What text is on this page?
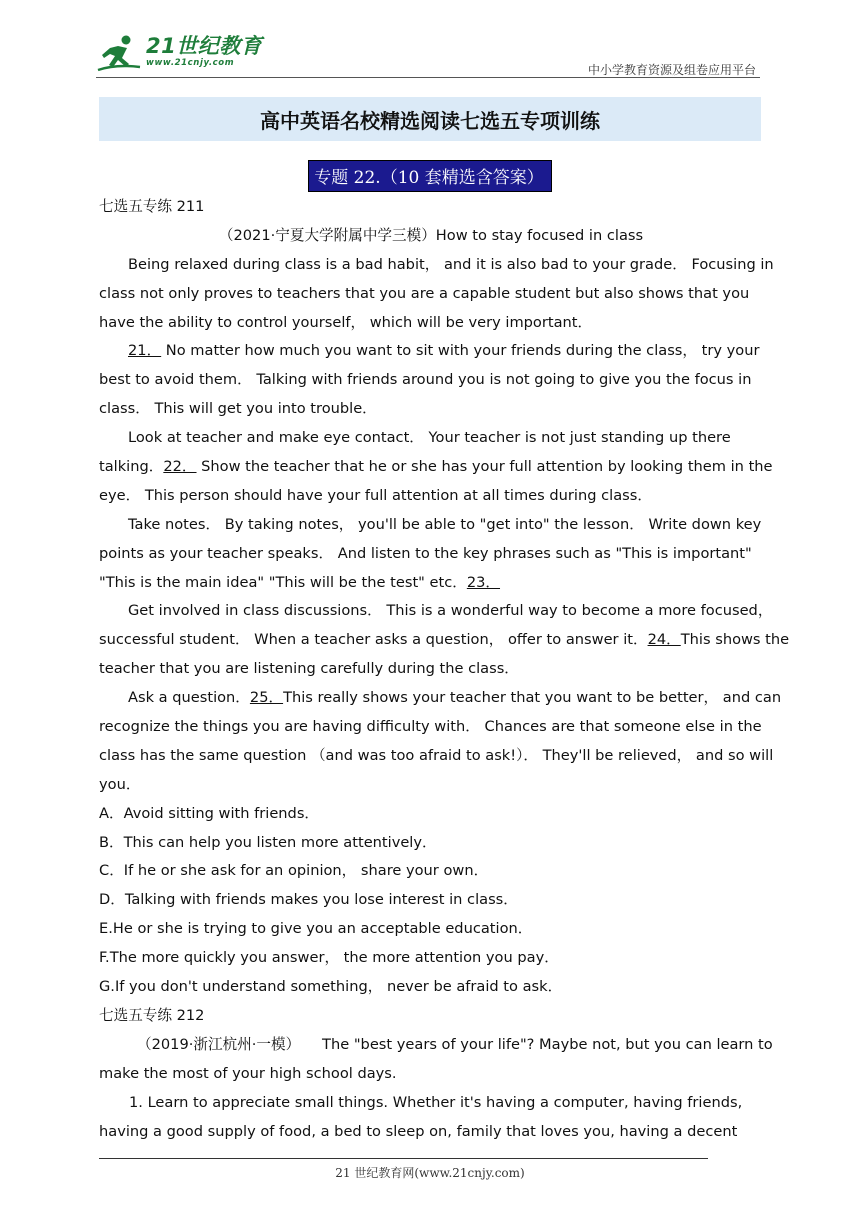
21世纪教育
www.21cnjy.com	中小学教育资源及组卷应用平台
高中英语名校精选阅读七选五专项训练
专题 22.（10 套精选含答案）
七选五专练 211
（2021·宁夏大学附属中学三模）How to stay focused in class
Being relaxed during class is a bad habit， and it is also bad to your grade． Focusing in
class not only proves to teachers that you are a capable student but also shows that you
have the ability to control yourself， which will be very important．
21． No matter how much you want to sit with your friends during the class， try your
best to avoid them． Talking with friends around you is not going to give you the focus in
class． This will get you into trouble．
Look at teacher and make eye contact． Your teacher is not just standing up there
talking．22． Show the teacher that he or she has your full attention by looking them in the
eye． This person should have your full attention at all times during class．
Take notes． By taking notes， you'll be able to "get into" the lesson． Write down key
points as your teacher speaks． And listen to the key phrases such as "This is important"
"This is the main idea" "This will be the test" etc．23．
Get involved in class discussions． This is a wonderful way to become a more focused，
successful student． When a teacher asks a question， offer to answer it．24．This shows the
teacher that you are listening carefully during the class．
Ask a question．25．This really shows your teacher that you want to be better， and can
recognize the things you are having difficulty with． Chances are that someone else in the
class has the same question （and was too afraid to ask!）． They'll be relieved， and so will
you．
A．Avoid sitting with friends．
B．This can help you listen more attentively．
C．If he or she ask for an opinion， share your own．
D．Talking with friends makes you lose interest in class．
E.He or she is trying to give you an acceptable education．
F.The more quickly you answer， the more attention you pay．
G.If you don't understand something， never be afraid to ask．
七选五专练 212
（2019·浙江杭州·一模）　　The "best years of your life"? Maybe not, but you can learn to
make the most of your high school days.
1. Learn to appreciate small things. Whether it's having a computer, having friends,
having a good supply of food, a bed to sleep on, family that loves you, having a decent
21 世纪教育网(www.21cnjy.com)
